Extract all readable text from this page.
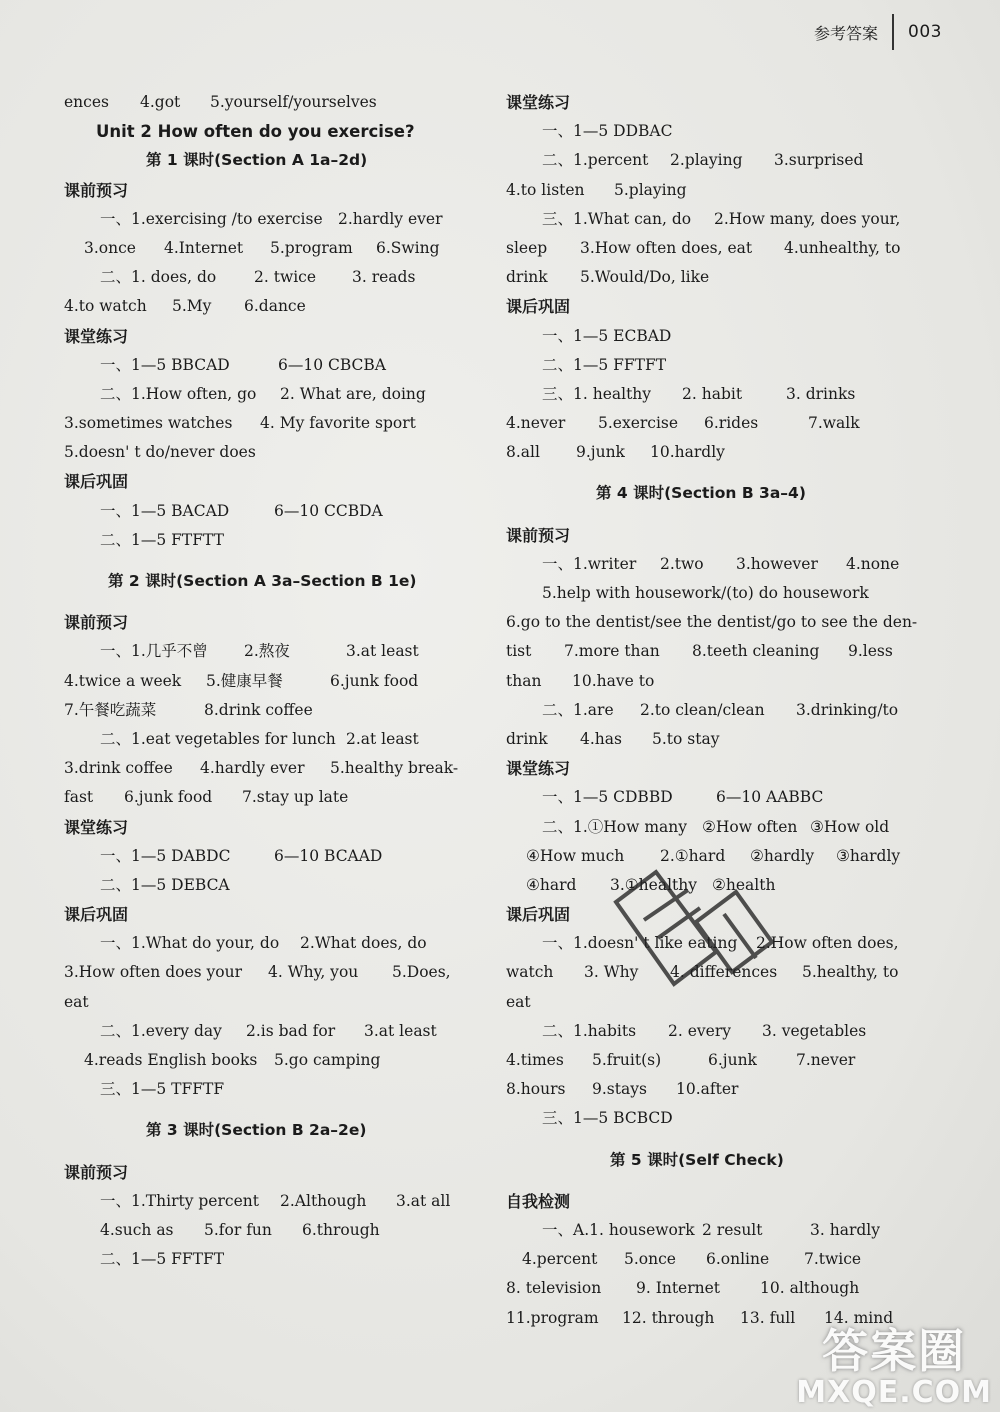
参考答案 003
ences 4.got 5.yourself/yourselves
Unit 2 How often do you exercise?
第 1 课时(Section A 1a–2d)
课前预习
一、1.exercising /to exercise 2.hardly ever
3.once 4.Internet 5.program 6.Swing
二、1. does, do 2. twice 3. reads
4.to watch 5.My 6.dance
课堂练习
一、1—5 BBCAD	6—10 CBCBA
二、1.How often, go 2. What are, doing
3.sometimes watches 4. My favorite sport
5.doesn' t do/never does
课后巩固
一、1—5 BACAD	6—10 CCBDA
二、1—5 FTFTT
第 2 课时(Section A 3a–Section B 1e)
课前预习
一、1.几乎不曾 2.熬夜	3.at least
4.twice a week 5.健康早餐	6.junk food
7.午餐吃蔬菜	8.drink coffee
二、1.eat vegetables for lunch 2.at least
3.drink coffee 4.hardly ever 5.healthy break-
fast 6.junk food 7.stay up late
课堂练习
一、1—5 DABDC	6—10 BCAAD
二、1—5 DEBCA
课后巩固
一、1.What do your, do 2.What does, do
3.How often does your 4. Why, you 5.Does,
eat
二、1.every day 2.is bad for 3.at least
4.reads English books 5.go camping
三、1—5 TFFTF
第 3 课时(Section B 2a–2e)
课前预习
一、1.Thirty percent 2.Although 3.at all
4.such as 5.for fun 6.through
二、1—5 FFTFT
课堂练习
一、1—5 DDBAC
二、1.percent 2.playing 3.surprised
4.to listen 5.playing
三、1.What can, do 2.How many, does your,
sleep 3.How often does, eat 4.unhealthy, to
drink 5.Would/Do, like
课后巩固
一、1—5 ECBAD
二、1—5 FFTFT
三、1. healthy 2. habit	3. drinks
4.never 5.exercise 6.rides	7.walk
8.all 9.junk 10.hardly
第 4 课时(Section B 3a–4)
课前预习
一、1.writer 2.two 3.however 4.none
5.help with housework/(to) do housework
6.go to the dentist/see the dentist/go to see the den-
tist 7.more than 8.teeth cleaning 9.less
than 10.have to
二、1.are 2.to clean/clean 3.drinking/to
drink 4.has 5.to stay
课堂练习
一、1—5 CDBBD	6—10 AABBC
二、1.①How many ②How often ③How old
④How much 2.①hard ②hardly ③hardly
④hard 3.①healthy ②health
课后巩固
一、1.doesn' t like eating 2.How often does,
watch 3. Why 4. differences 5.healthy, to
eat
二、1.habits 2. every 3. vegetables
4.times 5.fruit(s)	6.junk	7.never
8.hours 9.stays 10.after
三、1—5 BCBCD
第 5 课时(Self Check)
自我检测
一、A.1. housework 2 result	3. hardly
4.percent 5.once 6.online 7.twice
8. television 9. Internet	10. although
11.program 12. through 13. full 14. mind
答案圈
MXQE.COM
